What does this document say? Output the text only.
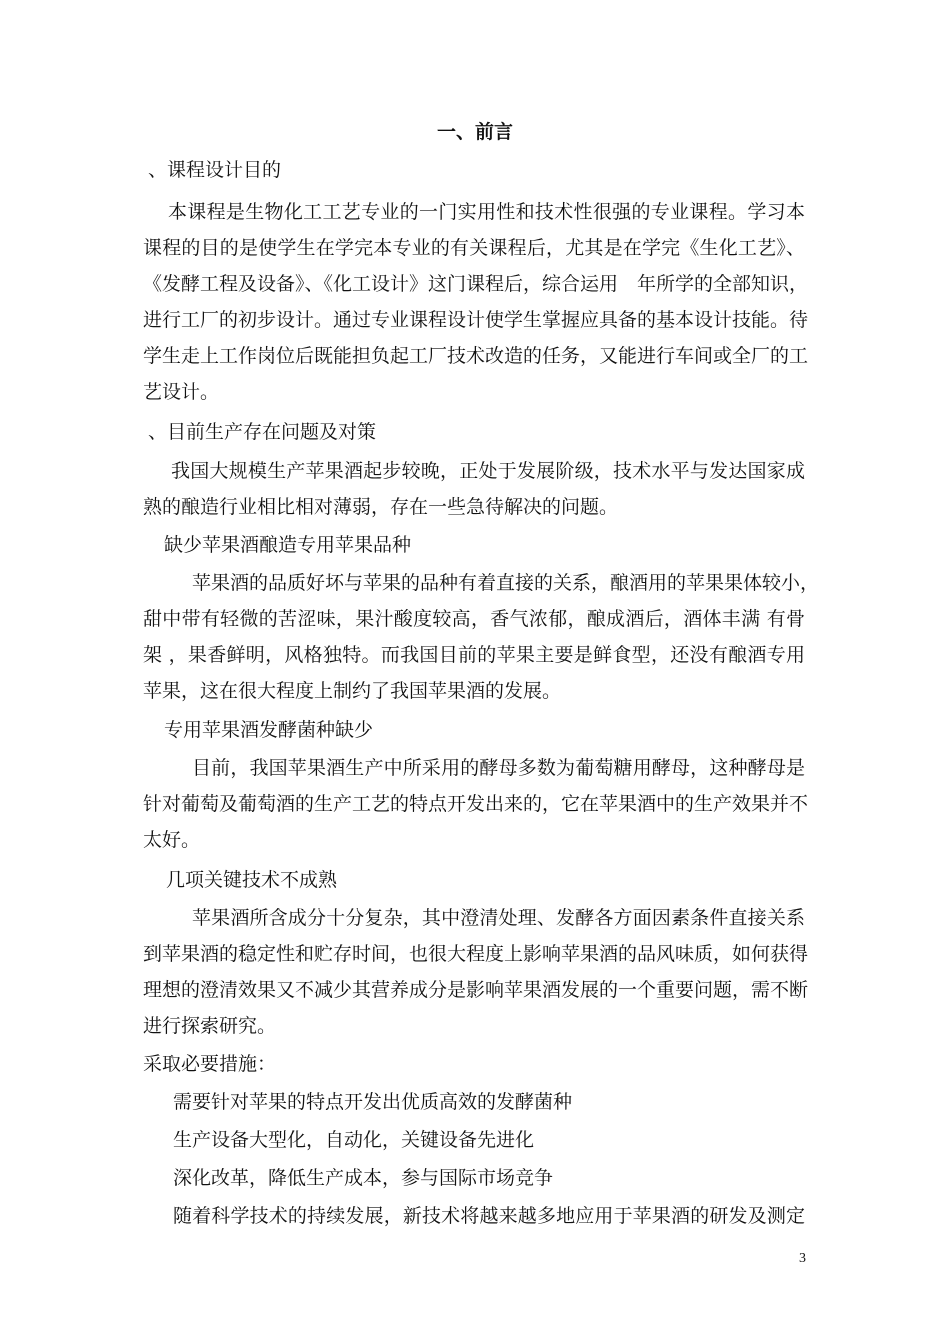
一、前言

、课程设计目的

本课程是生物化工工艺专业的一门实用性和技术性很强的专业课程。学习本

课程的目的是使学生在学完本专业的有关课程后，尤其是在学完《生化工艺》、

《发酵工程及设备》、《化工设计》这门课程后，综合运用　年所学的全部知识，

进行工厂的初步设计。通过专业课程设计使学生掌握应具备的基本设计技能。待

学生走上工作岗位后既能担负起工厂技术改造的任务，又能进行车间或全厂的工

艺设计。

、目前生产存在问题及对策

我国大规模生产苹果酒起步较晚，正处于发展阶级，技术水平与发达国家成

熟的酿造行业相比相对薄弱，存在一些急待解决的问题。

缺少苹果酒酿造专用苹果品种

苹果酒的品质好坏与苹果的品种有着直接的关系，酿酒用的苹果果体较小，

甜中带有轻微的苦涩味，果汁酸度较高，香气浓郁，酿成酒后，酒体丰满 有骨

架 ，果香鲜明，风格独特。而我国目前的苹果主要是鲜食型，还没有酿酒专用

苹果，这在很大程度上制约了我国苹果酒的发展。

专用苹果酒发酵菌种缺少

目前，我国苹果酒生产中所采用的酵母多数为葡萄糖用酵母，这种酵母是

针对葡萄及葡萄酒的生产工艺的特点开发出来的，它在苹果酒中的生产效果并不

太好。

几项关键技术不成熟

苹果酒所含成分十分复杂，其中澄清处理、发酵各方面因素条件直接关系

到苹果酒的稳定性和贮存时间，也很大程度上影响苹果酒的品风味质，如何获得

理想的澄清效果又不减少其营养成分是影响苹果酒发展的一个重要问题，需不断

进行探索研究。

采取必要措施：

需要针对苹果的特点开发出优质高效的发酵菌种

生产设备大型化，自动化，关键设备先进化

深化改革，降低生产成本，参与国际市场竞争

随着科学技术的持续发展，新技术将越来越多地应用于苹果酒的研发及测定

3
